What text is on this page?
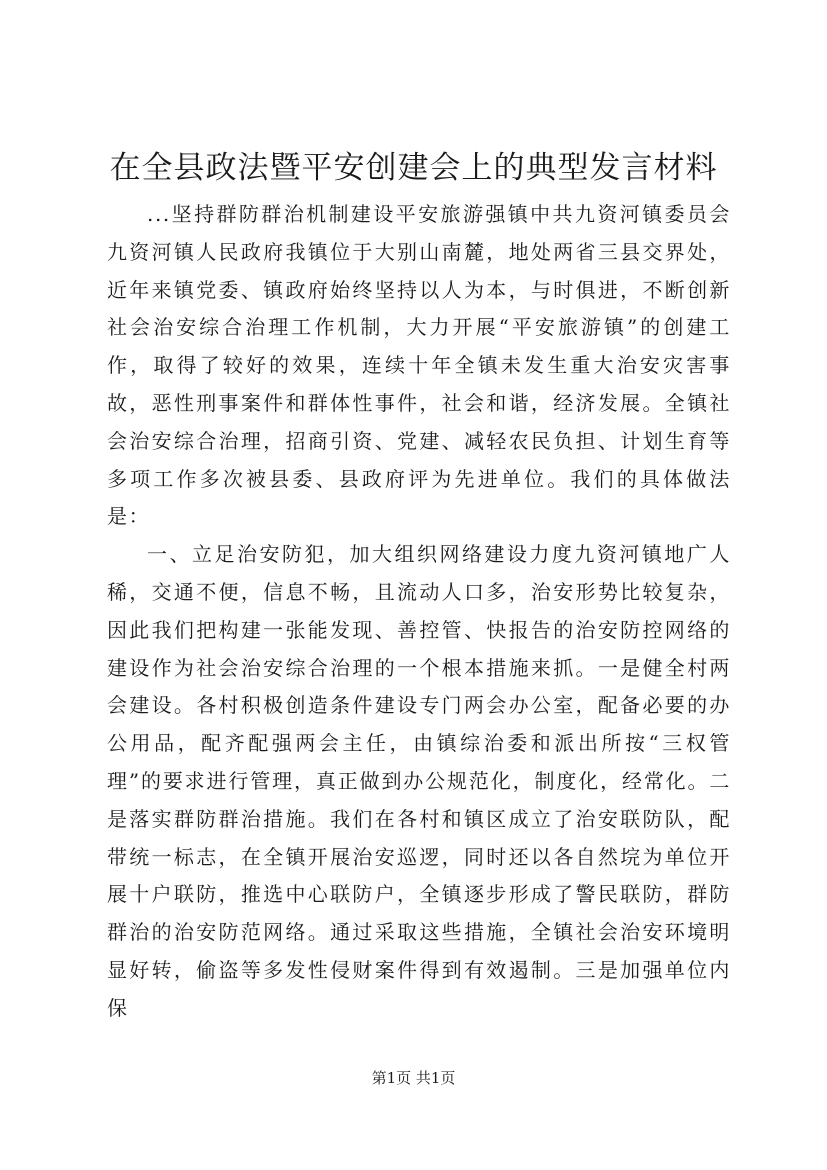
在全县政法暨平安创建会上的典型发言材料

...坚持群防群治机制建设平安旅游强镇中共九资河镇委员会九资河镇人民政府我镇位于大别山南麓，地处两省三县交界处，近年来镇党委、镇政府始终坚持以人为本，与时俱进，不断创新社会治安综合治理工作机制，大力开展“平安旅游镇”的创建工作，取得了较好的效果，连续十年全镇未发生重大治安灾害事故，恶性刑事案件和群体性事件，社会和谐，经济发展。全镇社会治安综合治理，招商引资、党建、减轻农民负担、计划生育等多项工作多次被县委、县政府评为先进单位。我们的具体做法是：

一、立足治安防犯，加大组织网络建设力度九资河镇地广人稀，交通不便，信息不畅，且流动人口多，治安形势比较复杂，因此我们把构建一张能发现、善控管、快报告的治安防控网络的建设作为社会治安综合治理的一个根本措施来抓。一是健全村两会建设。各村积极创造条件建设专门两会办公室，配备必要的办公用品，配齐配强两会主任，由镇综治委和派出所按“三权管理”的要求进行管理，真正做到办公规范化，制度化，经常化。二是落实群防群治措施。我们在各村和镇区成立了治安联防队，配带统一标志，在全镇开展治安巡逻，同时还以各自然垸为单位开展十户联防，推选中心联防户，全镇逐步形成了警民联防，群防群治的治安防范网络。通过采取这些措施，全镇社会治安环境明显好转，偷盗等多发性侵财案件得到有效遏制。三是加强单位内保

第1页 共1页
